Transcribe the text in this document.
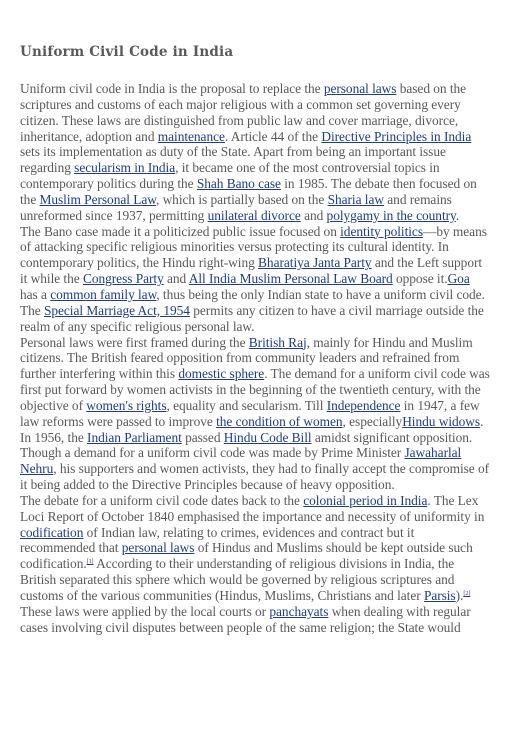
Uniform Civil Code in India

Uniform civil code in India is the proposal to replace the personal laws based on the scriptures and customs of each major religious with a common set governing every citizen. These laws are distinguished from public law and cover marriage, divorce, inheritance, adoption and maintenance. Article 44 of the Directive Principles in India sets its implementation as duty of the State. Apart from being an important issue regarding secularism in India, it became one of the most controversial topics in contemporary politics during the Shah Bano case in 1985. The debate then focused on the Muslim Personal Law, which is partially based on the Sharia law and remains unreformed since 1937, permitting unilateral divorce and polygamy in the country.

The Bano case made it a politicized public issue focused on identity politics—by means of attacking specific religious minorities versus protecting its cultural identity. In contemporary politics, the Hindu right-wing Bharatiya Janta Party and the Left support it while the Congress Party and All India Muslim Personal Law Board oppose it.Goa has a common family law, thus being the only Indian state to have a uniform civil code. The Special Marriage Act, 1954 permits any citizen to have a civil marriage outside the realm of any specific religious personal law.

Personal laws were first framed during the British Raj, mainly for Hindu and Muslim citizens. The British feared opposition from community leaders and refrained from further interfering within this domestic sphere. The demand for a uniform civil code was first put forward by women activists in the beginning of the twentieth century, with the objective of women's rights, equality and secularism. Till Independence in 1947, a few law reforms were passed to improve the condition of women, especiallyHindu widows. In 1956, the Indian Parliament passed Hindu Code Bill amidst significant opposition. Though a demand for a uniform civil code was made by Prime Minister Jawaharlal Nehru, his supporters and women activists, they had to finally accept the compromise of it being added to the Directive Principles because of heavy opposition.

The debate for a uniform civil code dates back to the colonial period in India. The Lex Loci Report of October 1840 emphasised the importance and necessity of uniformity in codification of Indian law, relating to crimes, evidences and contract but it recommended that personal laws of Hindus and Muslims should be kept outside such codification.[1] According to their understanding of religious divisions in India, the British separated this sphere which would be governed by religious scriptures and customs of the various communities (Hindus, Muslims, Christians and later Parsis).[2] These laws were applied by the local courts or panchayats when dealing with regular cases involving civil disputes between people of the same religion; the State would
